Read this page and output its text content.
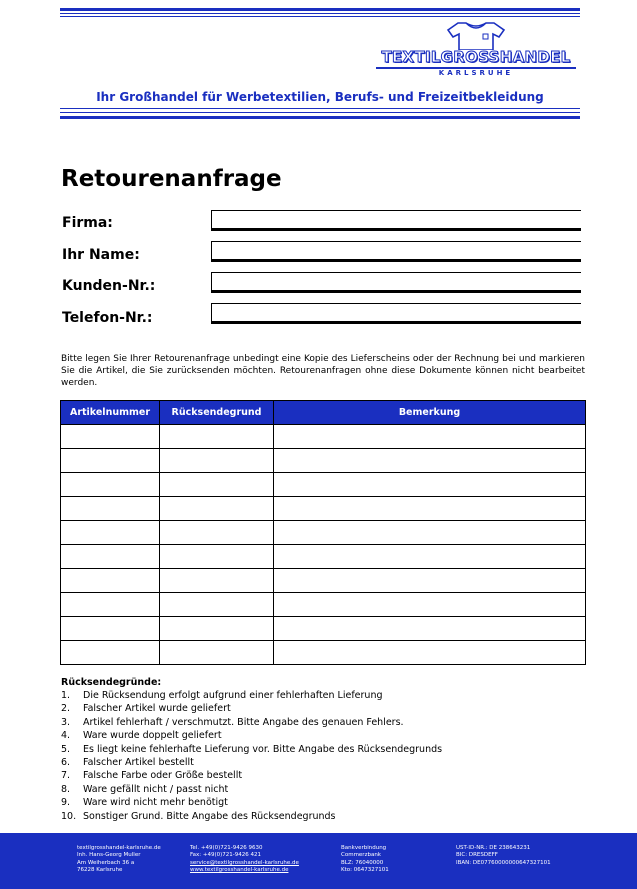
TEXTILGROSSHANDEL
KARLSRUHE
Ihr Großhandel für Werbetextilien, Berufs- und Freizeitbekleidung
Retourenanfrage
Firma:
Ihr Name:
Kunden-Nr.:
Telefon-Nr.:
Bitte legen Sie Ihrer Retourenanfrage unbedingt eine Kopie des Lieferscheins oder der Rechnung bei und markieren Sie die Artikel, die Sie zurücksenden möchten. Retourenanfragen ohne diese Dokumente können nicht bearbeitet werden.
Artikelnummer	Rücksendegrund	Bemerkung

Rücksendegründe:
1. Die Rücksendung erfolgt aufgrund einer fehlerhaften Lieferung
2. Falscher Artikel wurde geliefert
3. Artikel fehlerhaft / verschmutzt. Bitte Angabe des genauen Fehlers.
4. Ware wurde doppelt geliefert
5. Es liegt keine fehlerhafte Lieferung vor. Bitte Angabe des Rücksendegrunds
6. Falscher Artikel bestellt
7. Falsche Farbe oder Größe bestellt
8. Ware gefällt nicht / passt nicht
9. Ware wird nicht mehr benötigt
10. Sonstiger Grund. Bitte Angabe des Rücksendegrunds
textilgrosshandel-karlsruhe.de
Inh. Hans-Georg Muller
Am Weiherbach 36 a
76228 Karlsruhe
Tel. +49(0)721-9426 9630
Fax: +49(0)721-9426 421
service@textilgrosshandel-karlsruhe.de
www.textilgrosshandel-karlsruhe.de
Bankverbindung
Commerzbank
BLZ: 76040000
Kto: 0647327101
UST-ID-NR.: DE 238643231
BIC: DRESDEFF
IBAN: DE07760000000647327101
